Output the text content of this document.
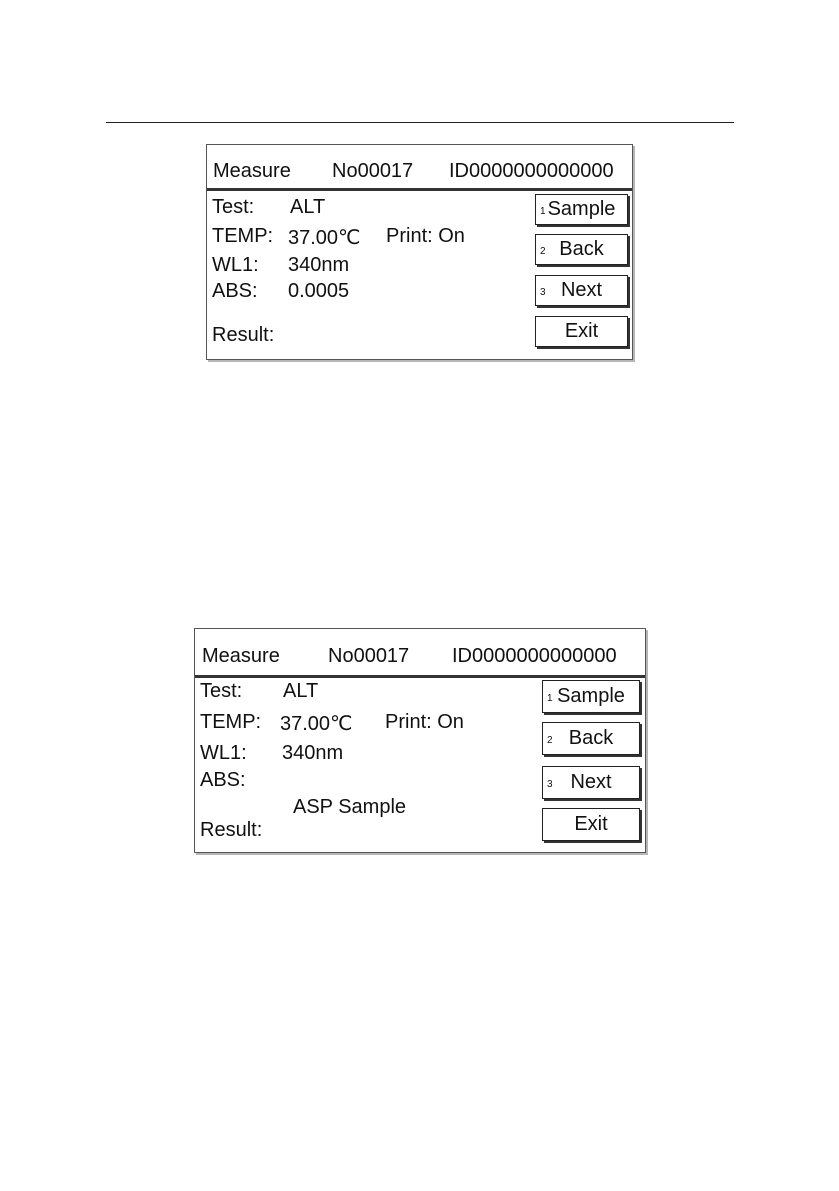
Measure No00017 ID0000000000000
Test: ALT
TEMP: 37.00℃ Print: On
WL1: 340nm
ABS: 0.0005
Result:
1 Sample
2 Back
3 Next
Exit
Measure No00017 ID0000000000000
Test: ALT
TEMP: 37.00℃ Print: On
WL1: 340nm
ABS:
ASP Sample
Result:
1 Sample
2 Back
3 Next
Exit
